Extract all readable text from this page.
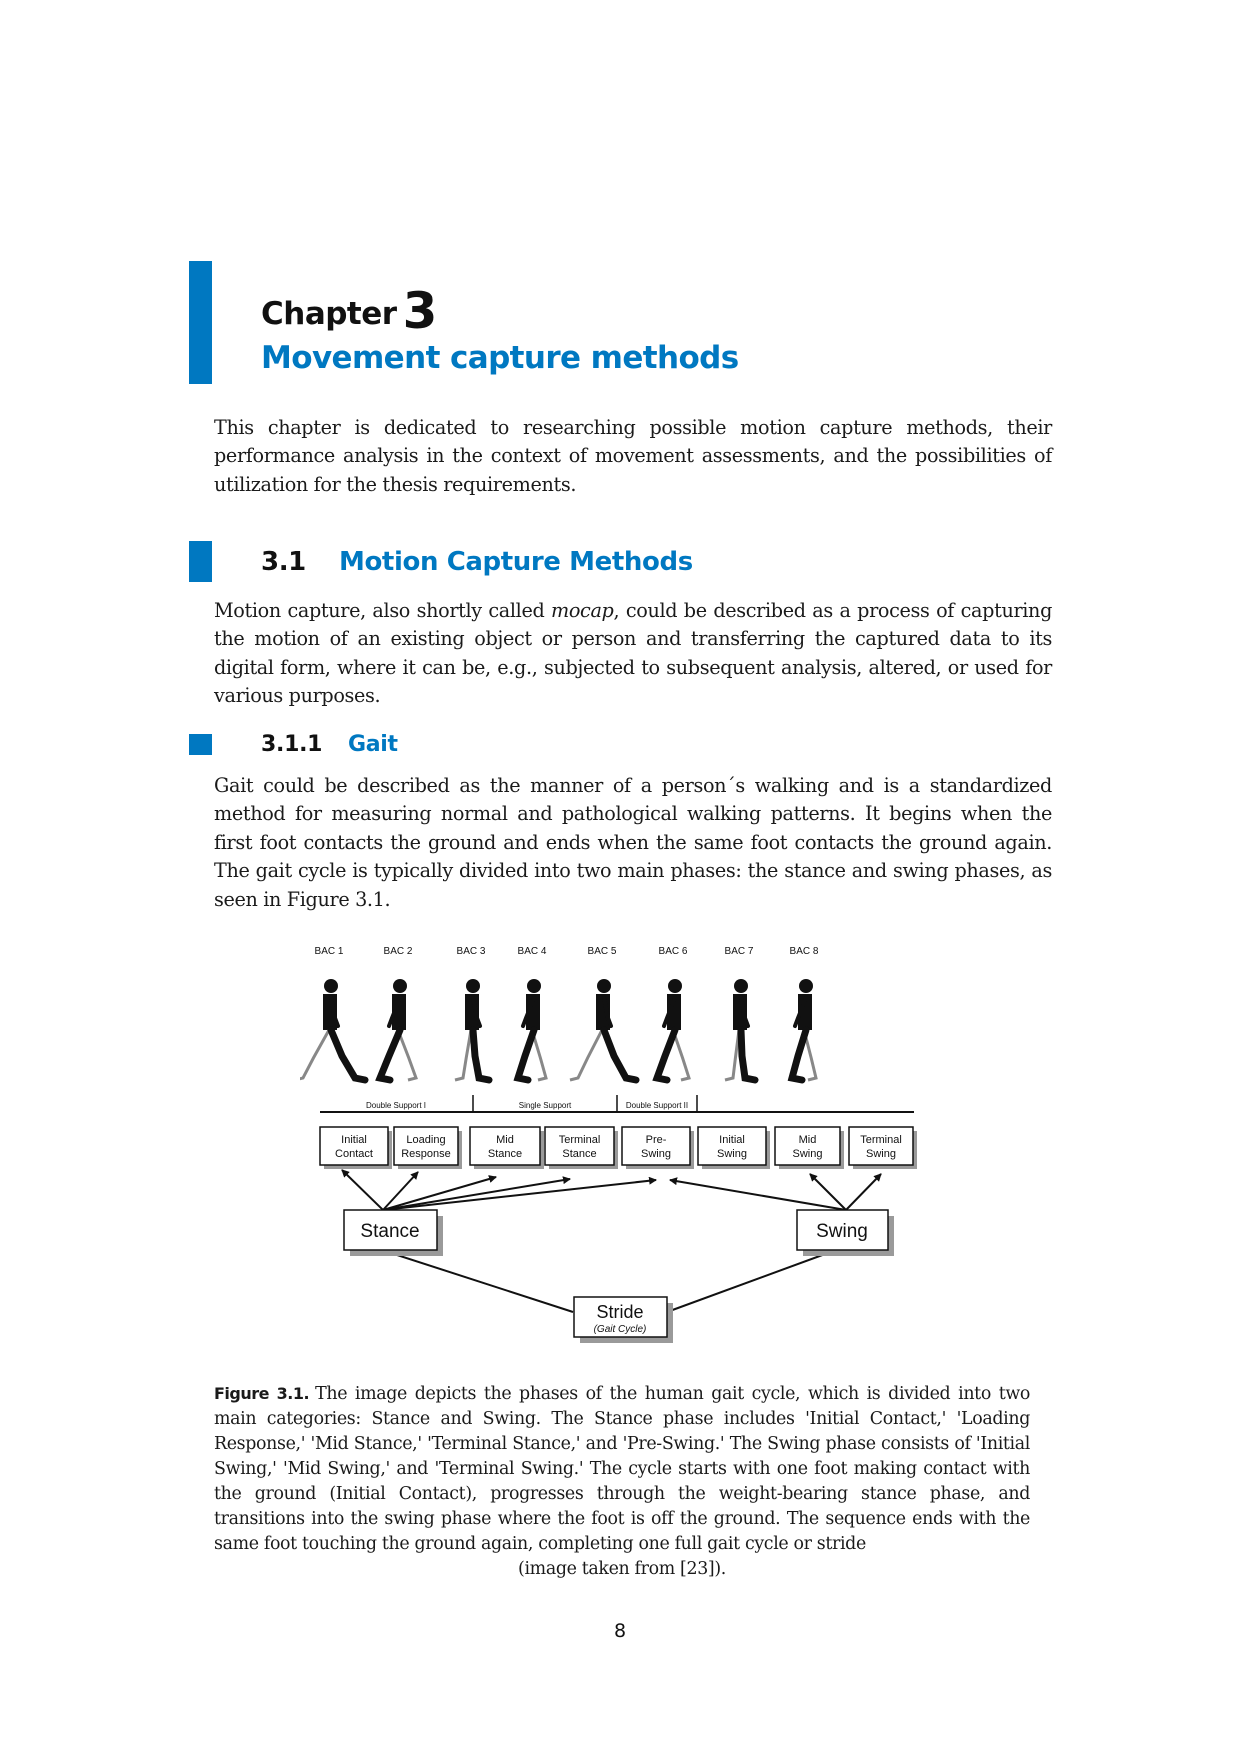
Chapter 3
Movement capture methods
This chapter is dedicated to researching possible motion capture methods, their performance analysis in the context of movement assessments, and the possibilities of utilization for the thesis requirements.
3.1 Motion Capture Methods
Motion capture, also shortly called mocap, could be described as a process of capturing the motion of an existing object or person and transferring the captured data to its digital form, where it can be, e.g., subjected to subsequent analysis, altered, or used for various purposes.
3.1.1 Gait
Gait could be described as the manner of a person´s walking and is a standardized method for measuring normal and pathological walking patterns. It begins when the first foot contacts the ground and ends when the same foot contacts the ground again. The gait cycle is typically divided into two main phases: the stance and swing phases, as seen in Figure 3.1.
BAC 1	BAC 2	BAC 3	BAC 4	BAC 5	BAC 6	BAC 7	BAC 8
Double Support I	Single Support	Double Support II
Initial
Contact
Loading
Response
Mid
Stance
Terminal
Stance
Pre-
Swing
Initial
Swing
Mid
Swing
Terminal
Swing
Stance	Swing
Stride
(Gait Cycle)
Figure 3.1. The image depicts the phases of the human gait cycle, which is divided into two main categories: Stance and Swing. The Stance phase includes 'Initial Contact,' 'Loading Response,' 'Mid Stance,' 'Terminal Stance,' and 'Pre-Swing.' The Swing phase consists of 'Initial Swing,' 'Mid Swing,' and 'Terminal Swing.' The cycle starts with one foot making contact with the ground (Initial Contact), progresses through the weight-bearing stance phase, and transitions into the swing phase where the foot is off the ground. The sequence ends with the same foot touching the ground again, completing one full gait cycle or stride
(image taken from [23]).
8
